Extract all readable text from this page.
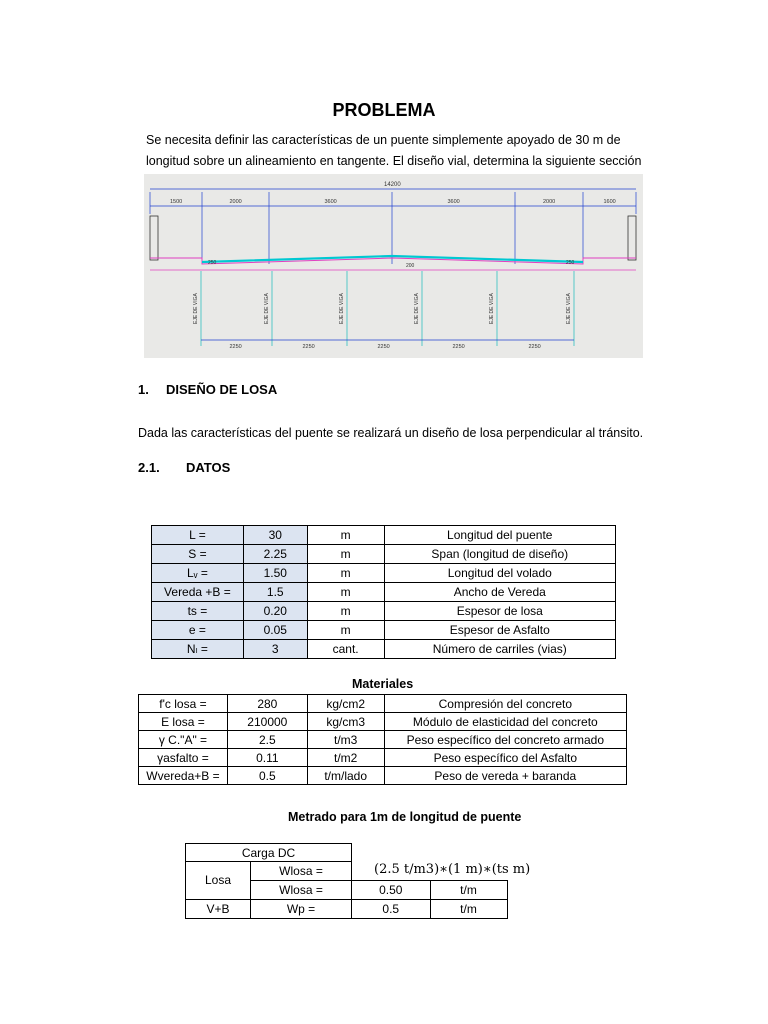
PROBLEMA
Se necesita definir las características de un puente simplemente apoyado de 30 m de longitud sobre un alineamiento en tangente. El diseño vial, determina la siguiente sección
14200
1500	2000	3600	3600	2000	1600
250	200	250
EJE DE VIGA	EJE DE VIGA	EJE DE VIGA	EJE DE VIGA	EJE DE VIGA	EJE DE VIGA
2250	2250	2250	2250	2250
1. DISEÑO DE LOSA
Dada las características del puente se realizará un diseño de losa perpendicular al tránsito.
2.1. DATOS
L =	30	m	Longitud del puente
S =	2.25	m	Span (longitud de diseño)
Lᵥ =	1.50	m	Longitud del volado
Vereda +B =	1.5	m	Ancho de Vereda
ts =	0.20	m	Espesor de losa
e =	0.05	m	Espesor de Asfalto
Nₗ =	3	cant.	Número de carriles (vias)
Materiales
f'c losa =	280	kg/cm2	Compresión del concreto
E losa =	210000	kg/cm3	Módulo de elasticidad del concreto
γ C."A" =	2.5	t/m3	Peso específico del concreto armado
γasfalto =	0.11	t/m2	Peso específico del Asfalto
Wvereda+B =	0.5	t/m/lado	Peso de vereda + baranda
Metrado para 1m de longitud de puente
Carga DC			
Losa	Wlosa =		
	Wlosa =	0.50	t/m
V+B	Wp =	0.5	t/m
(2.5 t/m3)∗(1 m)∗(ts m)
